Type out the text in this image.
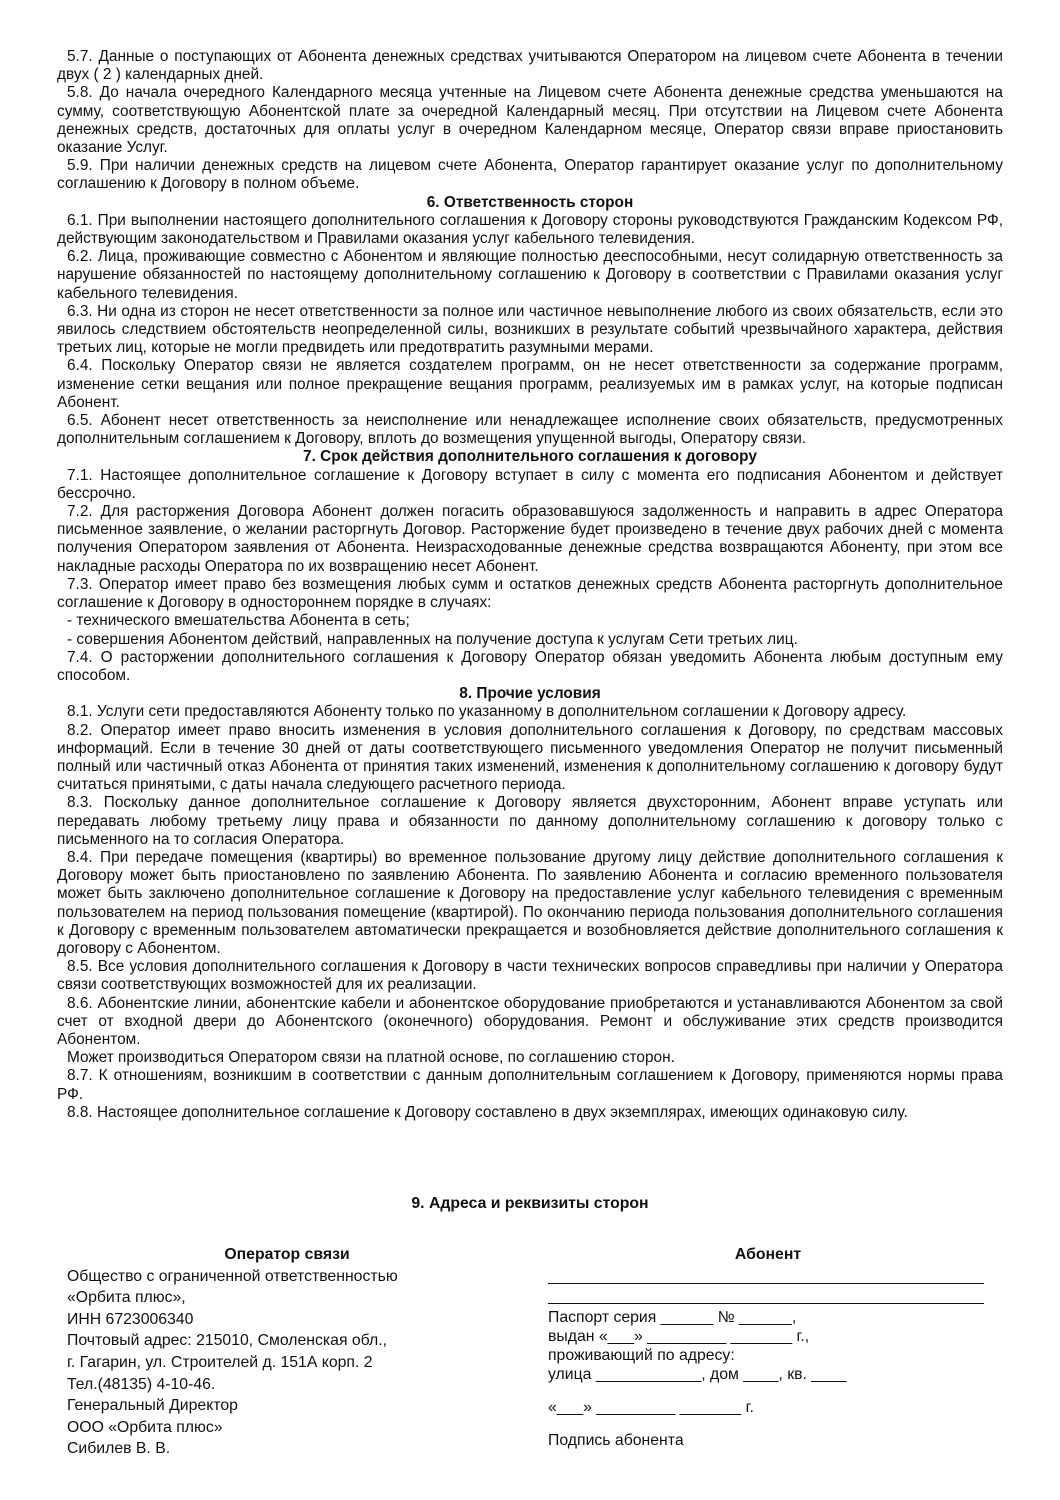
5.7. Данные о поступающих от Абонента денежных средствах учитываются Оператором на лицевом счете Абонента в течении двух ( 2 ) календарных дней.
5.8. До начала очередного Календарного месяца учтенные на Лицевом счете Абонента денежные средства уменьшаются на сумму, соответствующую Абонентской плате за очередной Календарный месяц. При отсутствии на Лицевом счете Абонента денежных средств, достаточных для оплаты услуг в очередном Календарном месяце, Оператор связи вправе приостановить оказание Услуг.
5.9. При наличии денежных средств на лицевом счете Абонента, Оператор гарантирует оказание услуг по дополнительному соглашению к Договору в полном объеме.
6. Ответственность сторон
6.1. При выполнении настоящего дополнительного соглашения к Договору стороны руководствуются Гражданским Кодексом РФ, действующим законодательством и Правилами оказания услуг кабельного телевидения.
6.2. Лица, проживающие совместно с Абонентом и являющие полностью дееспособными, несут солидарную ответственность за нарушение обязанностей по настоящему дополнительному соглашению к Договору в соответствии с Правилами оказания услуг кабельного телевидения.
6.3. Ни одна из сторон не несет ответственности за полное или частичное невыполнение любого из своих обязательств, если это явилось следствием обстоятельств неопределенной силы, возникших в результате событий чрезвычайного характера, действия третьих лиц, которые не могли предвидеть или предотвратить разумными мерами.
6.4. Поскольку Оператор связи не является создателем программ, он не несет ответственности за содержание программ, изменение сетки вещания или полное прекращение вещания программ, реализуемых им в рамках услуг, на которые подписан Абонент.
6.5. Абонент несет ответственность за неисполнение или ненадлежащее исполнение своих обязательств, предусмотренных дополнительным соглашением к Договору, вплоть до возмещения упущенной выгоды, Оператору связи.
7. Срок действия дополнительного соглашения к договору
7.1. Настоящее дополнительное соглашение к Договору вступает в силу с момента его подписания Абонентом и действует бессрочно.
7.2. Для расторжения Договора Абонент должен погасить образовавшуюся задолженность и направить в адрес Оператора письменное заявление, о желании расторгнуть Договор. Расторжение будет произведено в течение двух рабочих дней с момента получения Оператором заявления от Абонента. Неизрасходованные денежные средства возвращаются Абоненту, при этом все накладные расходы Оператора по их возвращению несет Абонент.
7.3. Оператор имеет право без возмещения любых сумм и остатков денежных средств Абонента расторгнуть дополнительное соглашение к Договору в одностороннем порядке в случаях:
- технического вмешательства Абонента в сеть;
- совершения Абонентом действий, направленных на получение доступа к услугам Сети третьих лиц.
7.4. О расторжении дополнительного соглашения к Договору Оператор обязан уведомить Абонента любым доступным ему способом.
8. Прочие условия
8.1. Услуги сети предоставляются Абоненту только по указанному в дополнительном соглашении к Договору адресу.
8.2. Оператор имеет право вносить изменения в условия дополнительного соглашения к Договору, по средствам массовых информаций. Если в течение 30 дней от даты соответствующего письменного уведомления Оператор не получит письменный полный или частичный отказ Абонента от принятия таких изменений, изменения к дополнительному соглашению к договору будут считаться принятыми, с даты начала следующего расчетного периода.
8.3. Поскольку данное дополнительное соглашение к Договору является двухсторонним, Абонент вправе уступать или передавать любому третьему лицу права и обязанности по данному дополнительному соглашению к договору только с письменного на то согласия Оператора.
8.4. При передаче помещения (квартиры) во временное пользование другому лицу действие дополнительного соглашения к Договору может быть приостановлено по заявлению Абонента. По заявлению Абонента и согласию временного пользователя может быть заключено дополнительное соглашение к Договору на предоставление услуг кабельного телевидения с временным пользователем на период пользования помещение (квартирой). По окончанию периода пользования дополнительного соглашения к Договору с временным пользователем автоматически прекращается и возобновляется действие дополнительного соглашения к договору с Абонентом.
8.5. Все условия дополнительного соглашения к Договору в части технических вопросов справедливы при наличии у Оператора связи соответствующих возможностей для их реализации.
8.6. Абонентские линии, абонентские кабели и абонентское оборудование приобретаются и устанавливаются Абонентом за свой счет от входной двери до Абонентского (оконечного) оборудования. Ремонт и обслуживание этих средств производится Абонентом.
Может производиться Оператором связи на платной основе, по соглашению сторон.
8.7. К отношениям, возникшим в соответствии с данным дополнительным соглашением к Договору, применяются нормы права РФ.
8.8. Настоящее дополнительное соглашение к Договору составлено в двух экземплярах, имеющих одинаковую силу.
9. Адреса и реквизиты сторон
Оператор связи
Общество с ограниченной ответственностью
«Орбита плюс»,
ИНН 6723006340
Почтовый адрес: 215010, Смоленская обл.,
г. Гагарин, ул. Строителей д. 151А корп. 2
Тел.(48135) 4-10-46.
Генеральный Директор
ООО «Орбита плюс»
Сибилев В. В.
Абонент
Паспорт серия ______ № ______,
выдан «___» _________ _______ г.,
проживающий по адресу:
улица ____________, дом ____, кв. ____
«___» _________ _______ г.
Подпись абонента
